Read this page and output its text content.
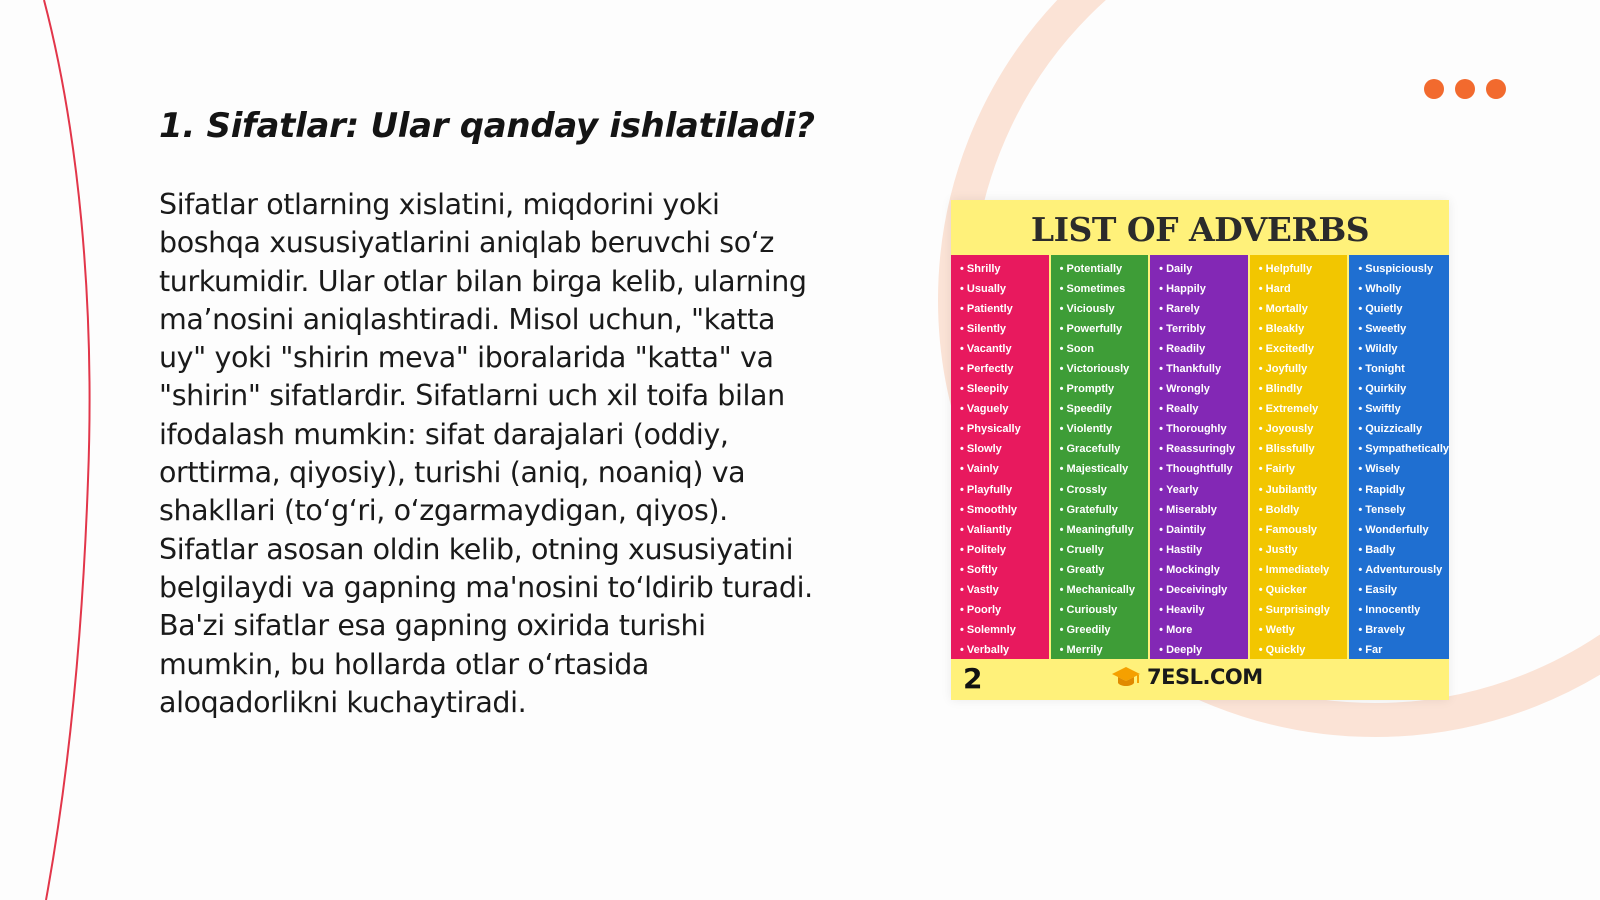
1. Sifatlar: Ular qanday ishlatiladi?

Sifatlar otlarning xislatini, miqdorini yoki boshqa xususiyatlarini aniqlab beruvchi so‘z turkumidir. Ular otlar bilan birga kelib, ularning ma’nosini aniqlashtiradi. Misol uchun, "katta uy" yoki "shirin meva" iboralarida "katta" va "shirin" sifatlardir. Sifatlarni uch xil toifa bilan ifodalash mumkin: sifat darajalari (oddiy, orttirma, qiyosiy), turishi (aniq, noaniq) va shakllari (to‘g‘ri, o‘zgarmaydigan, qiyos). Sifatlar asosan oldin kelib, otning xususiyatini belgilaydi va gapning ma'nosini to‘ldirib turadi. Ba'zi sifatlar esa gapning oxirida turishi mumkin, bu hollarda otlar o‘rtasida aloqadorlikni kuchaytiradi.

LIST OF ADVERBS
• Shrilly
• Usually
• Patiently
• Silently
• Vacantly
• Perfectly
• Sleepily
• Vaguely
• Physically
• Slowly
• Vainly
• Playfully
• Smoothly
• Valiantly
• Politely
• Softly
• Vastly
• Poorly
• Solemnly
• Verbally
• Potentially
• Sometimes
• Viciously
• Powerfully
• Soon
• Victoriously
• Promptly
• Speedily
• Violently
• Gracefully
• Majestically
• Crossly
• Gratefully
• Meaningfully
• Cruelly
• Greatly
• Mechanically
• Curiously
• Greedily
• Merrily
• Daily
• Happily
• Rarely
• Terribly
• Readily
• Thankfully
• Wrongly
• Really
• Thoroughly
• Reassuringly
• Thoughtfully
• Yearly
• Miserably
• Daintily
• Hastily
• Mockingly
• Deceivingly
• Heavily
• More
• Deeply
• Helpfully
• Hard
• Mortally
• Bleakly
• Excitedly
• Joyfully
• Blindly
• Extremely
• Joyously
• Blissfully
• Fairly
• Jubilantly
• Boldly
• Famously
• Justly
• Immediately
• Quicker
• Surprisingly
• Wetly
• Quickly
• Suspiciously
• Wholly
• Quietly
• Sweetly
• Wildly
• Tonight
• Quirkily
• Swiftly
• Quizzically
• Sympathetically
• Wisely
• Rapidly
• Tensely
• Wonderfully
• Badly
• Adventurously
• Easily
• Innocently
• Bravely
• Far
2	7ESL.COM
